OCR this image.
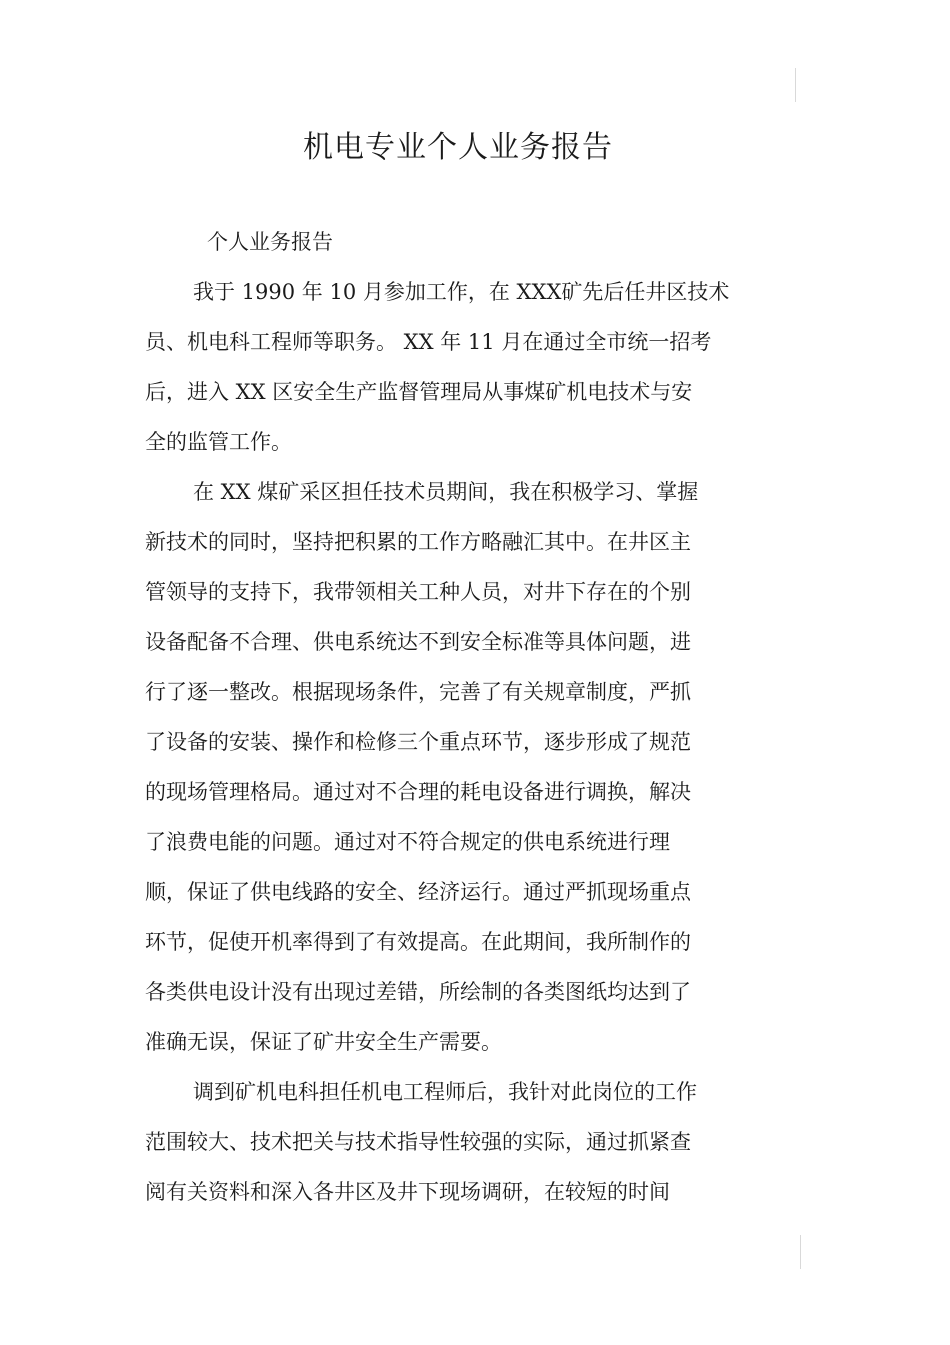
机电专业个人业务报告

个人业务报告

我于 1990 年 10 月参加工作，在 XXX矿先后任井区技术

员、机电科工程师等职务。 XX 年 11 月在通过全市统一招考

后，进入 XX 区安全生产监督管理局从事煤矿机电技术与安

全的监管工作。

在 XX 煤矿采区担任技术员期间，我在积极学习、掌握

新技术的同时，坚持把积累的工作方略融汇其中。在井区主

管领导的支持下，我带领相关工种人员，对井下存在的个别

设备配备不合理、供电系统达不到安全标准等具体问题，进

行了逐一整改。根据现场条件，完善了有关规章制度，严抓

了设备的安装、操作和检修三个重点环节，逐步形成了规范

的现场管理格局。通过对不合理的耗电设备进行调换，解决

了浪费电能的问题。通过对不符合规定的供电系统进行理

顺，保证了供电线路的安全、经济运行。通过严抓现场重点

环节，促使开机率得到了有效提高。在此期间，我所制作的

各类供电设计没有出现过差错，所绘制的各类图纸均达到了

准确无误，保证了矿井安全生产需要。

调到矿机电科担任机电工程师后，我针对此岗位的工作

范围较大、技术把关与技术指导性较强的实际，通过抓紧查

阅有关资料和深入各井区及井下现场调研，在较短的时间
